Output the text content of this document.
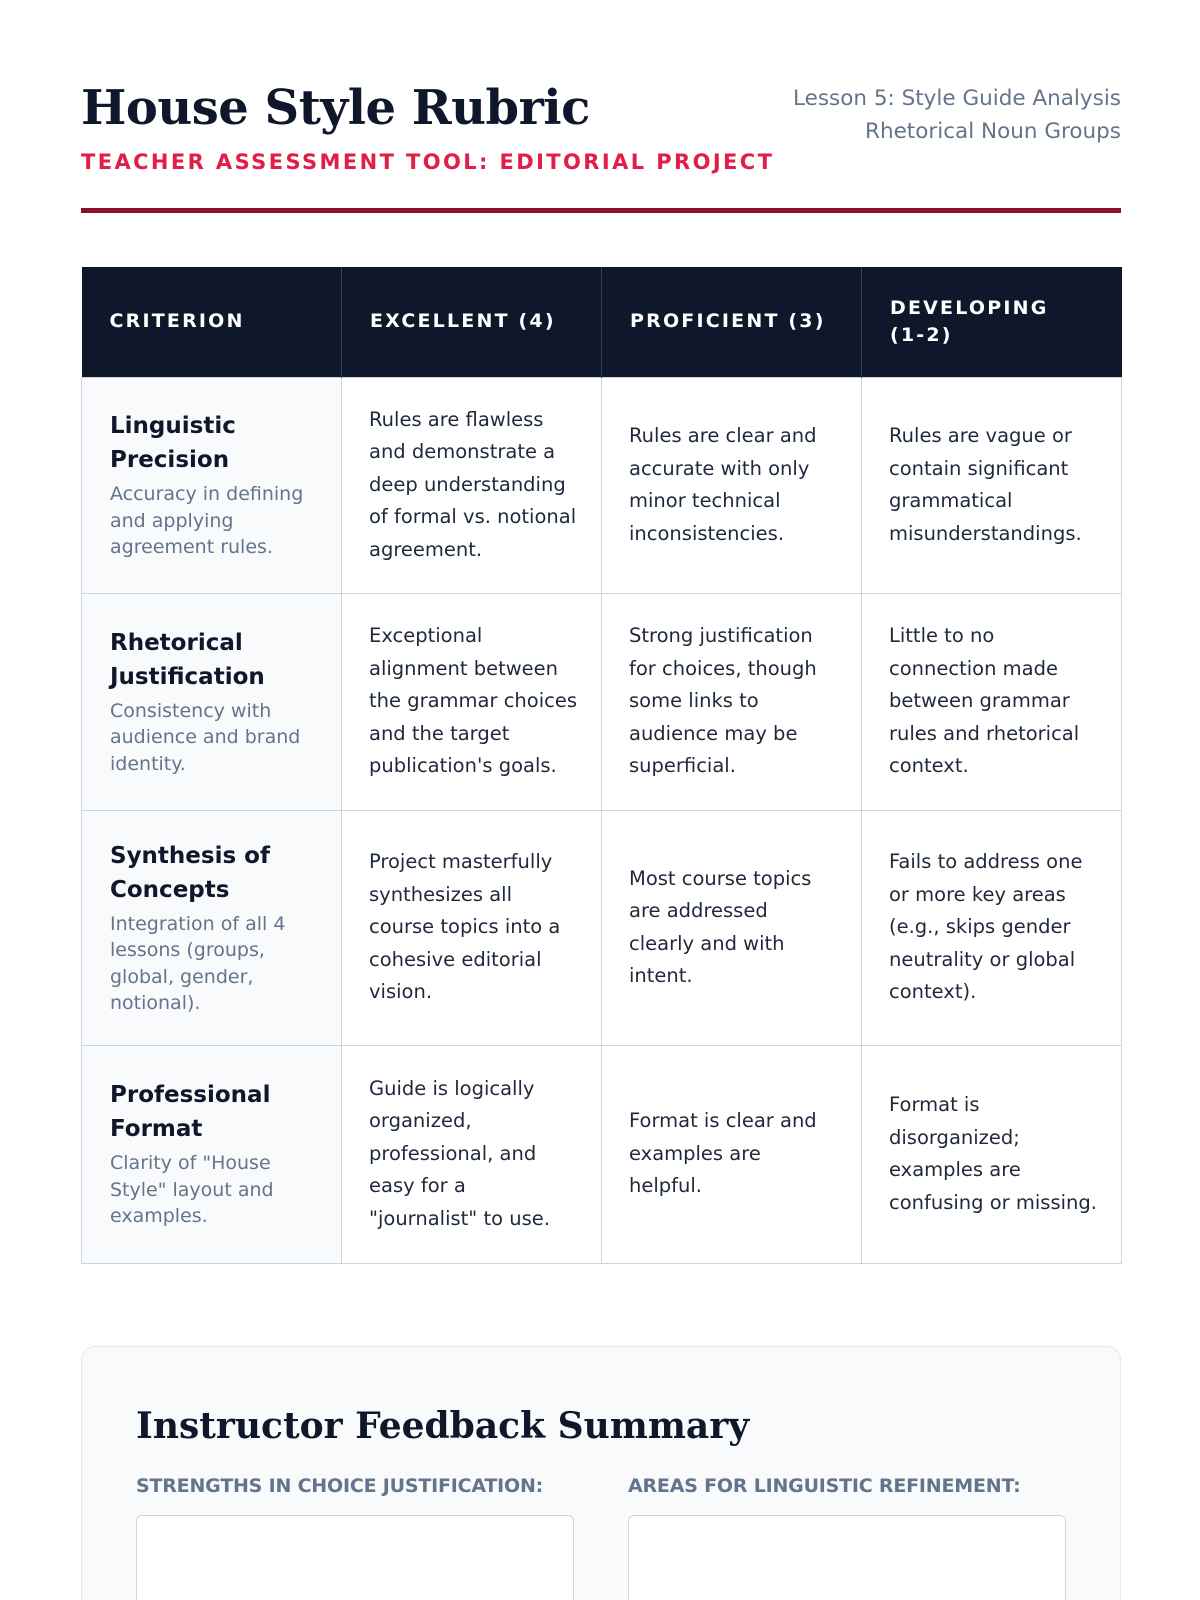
House Style Rubric
TEACHER ASSESSMENT TOOL: EDITORIAL PROJECT
Lesson 5: Style Guide Analysis
Rhetorical Noun Groups
CRITERION	EXCELLENT (4)	PROFICIENT (3)	DEVELOPING (1-2)

Linguistic Precision
Accuracy in defining and applying agreement rules.	Rules are flawless and demonstrate a deep understanding of formal vs. notional agreement.	Rules are clear and accurate with only minor technical inconsistencies.	Rules are vague or contain significant grammatical misunderstandings.

Rhetorical Justification
Consistency with audience and brand identity.	Exceptional alignment between the grammar choices and the target publication's goals.	Strong justification for choices, though some links to audience may be superficial.	Little to no connection made between grammar rules and rhetorical context.

Synthesis of Concepts
Integration of all 4 lessons (groups, global, gender, notional).	Project masterfully synthesizes all course topics into a cohesive editorial vision.	Most course topics are addressed clearly and with intent.	Fails to address one or more key areas (e.g., skips gender neutrality or global context).

Professional Format
Clarity of "House Style" layout and examples.	Guide is logically organized, professional, and easy for a "journalist" to use.	Format is clear and examples are helpful.	Format is disorganized; examples are confusing or missing.
Instructor Feedback Summary
STRENGTHS IN CHOICE JUSTIFICATION:	AREAS FOR LINGUISTIC REFINEMENT:
